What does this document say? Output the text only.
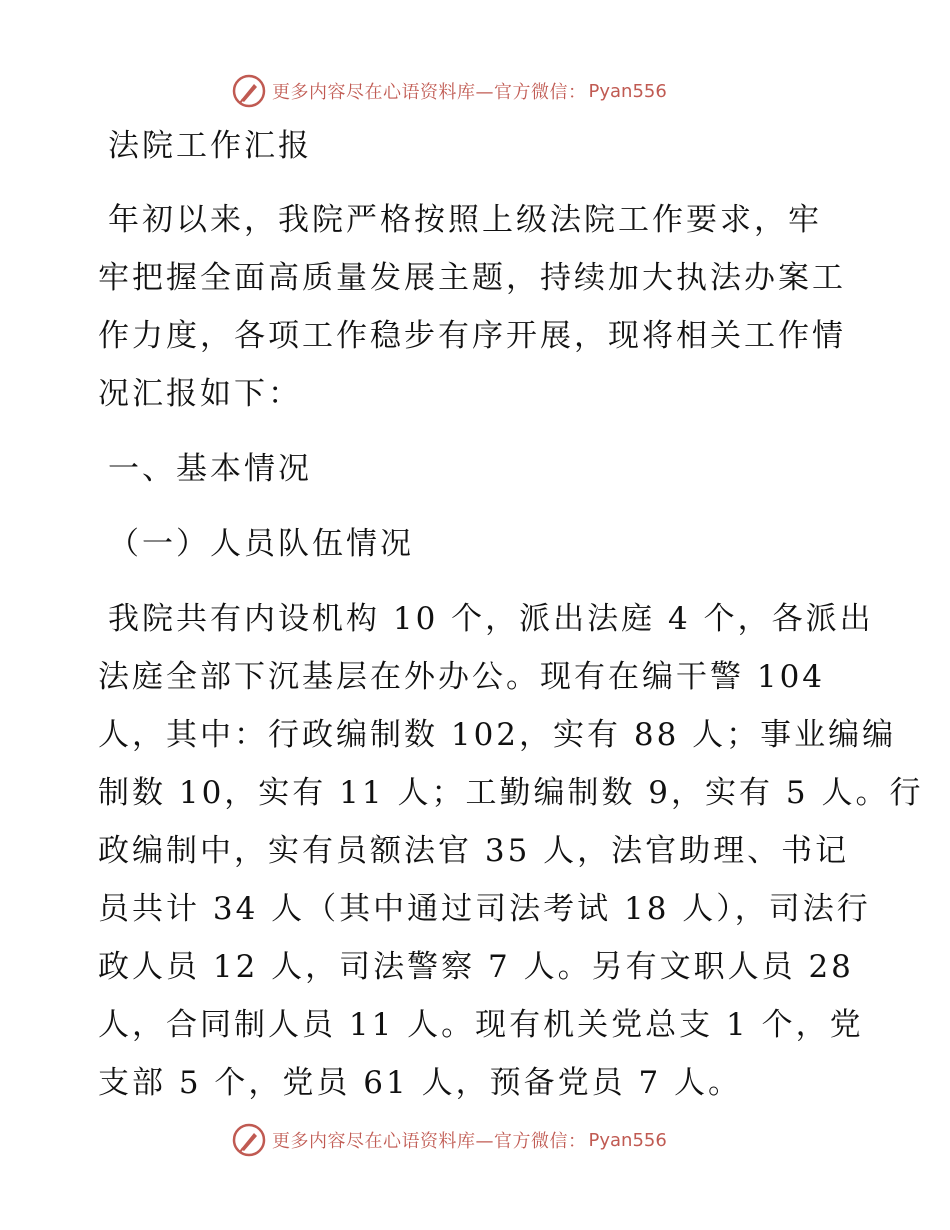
更多内容尽在心语资料库—官方微信： Pyan556

法院工作汇报

年初以来，我院严格按照上级法院工作要求，牢

牢把握全面高质量发展主题，持续加大执法办案工

作力度，各项工作稳步有序开展，现将相关工作情

况汇报如下：

一、基本情况

（一）人员队伍情况

我院共有内设机构 10 个，派出法庭 4 个，各派出

法庭全部下沉基层在外办公。现有在编干警 104

人，其中：行政编制数 102，实有 88 人；事业编编

制数 10，实有 11 人；工勤编制数 9，实有 5 人。行

政编制中，实有员额法官 35 人，法官助理、书记

员共计 34 人（其中通过司法考试 18 人），司法行

政人员 12 人，司法警察 7 人。另有文职人员 28

人，合同制人员 11 人。现有机关党总支 1 个，党

支部 5 个，党员 61 人，预备党员 7 人。

更多内容尽在心语资料库—官方微信： Pyan556
